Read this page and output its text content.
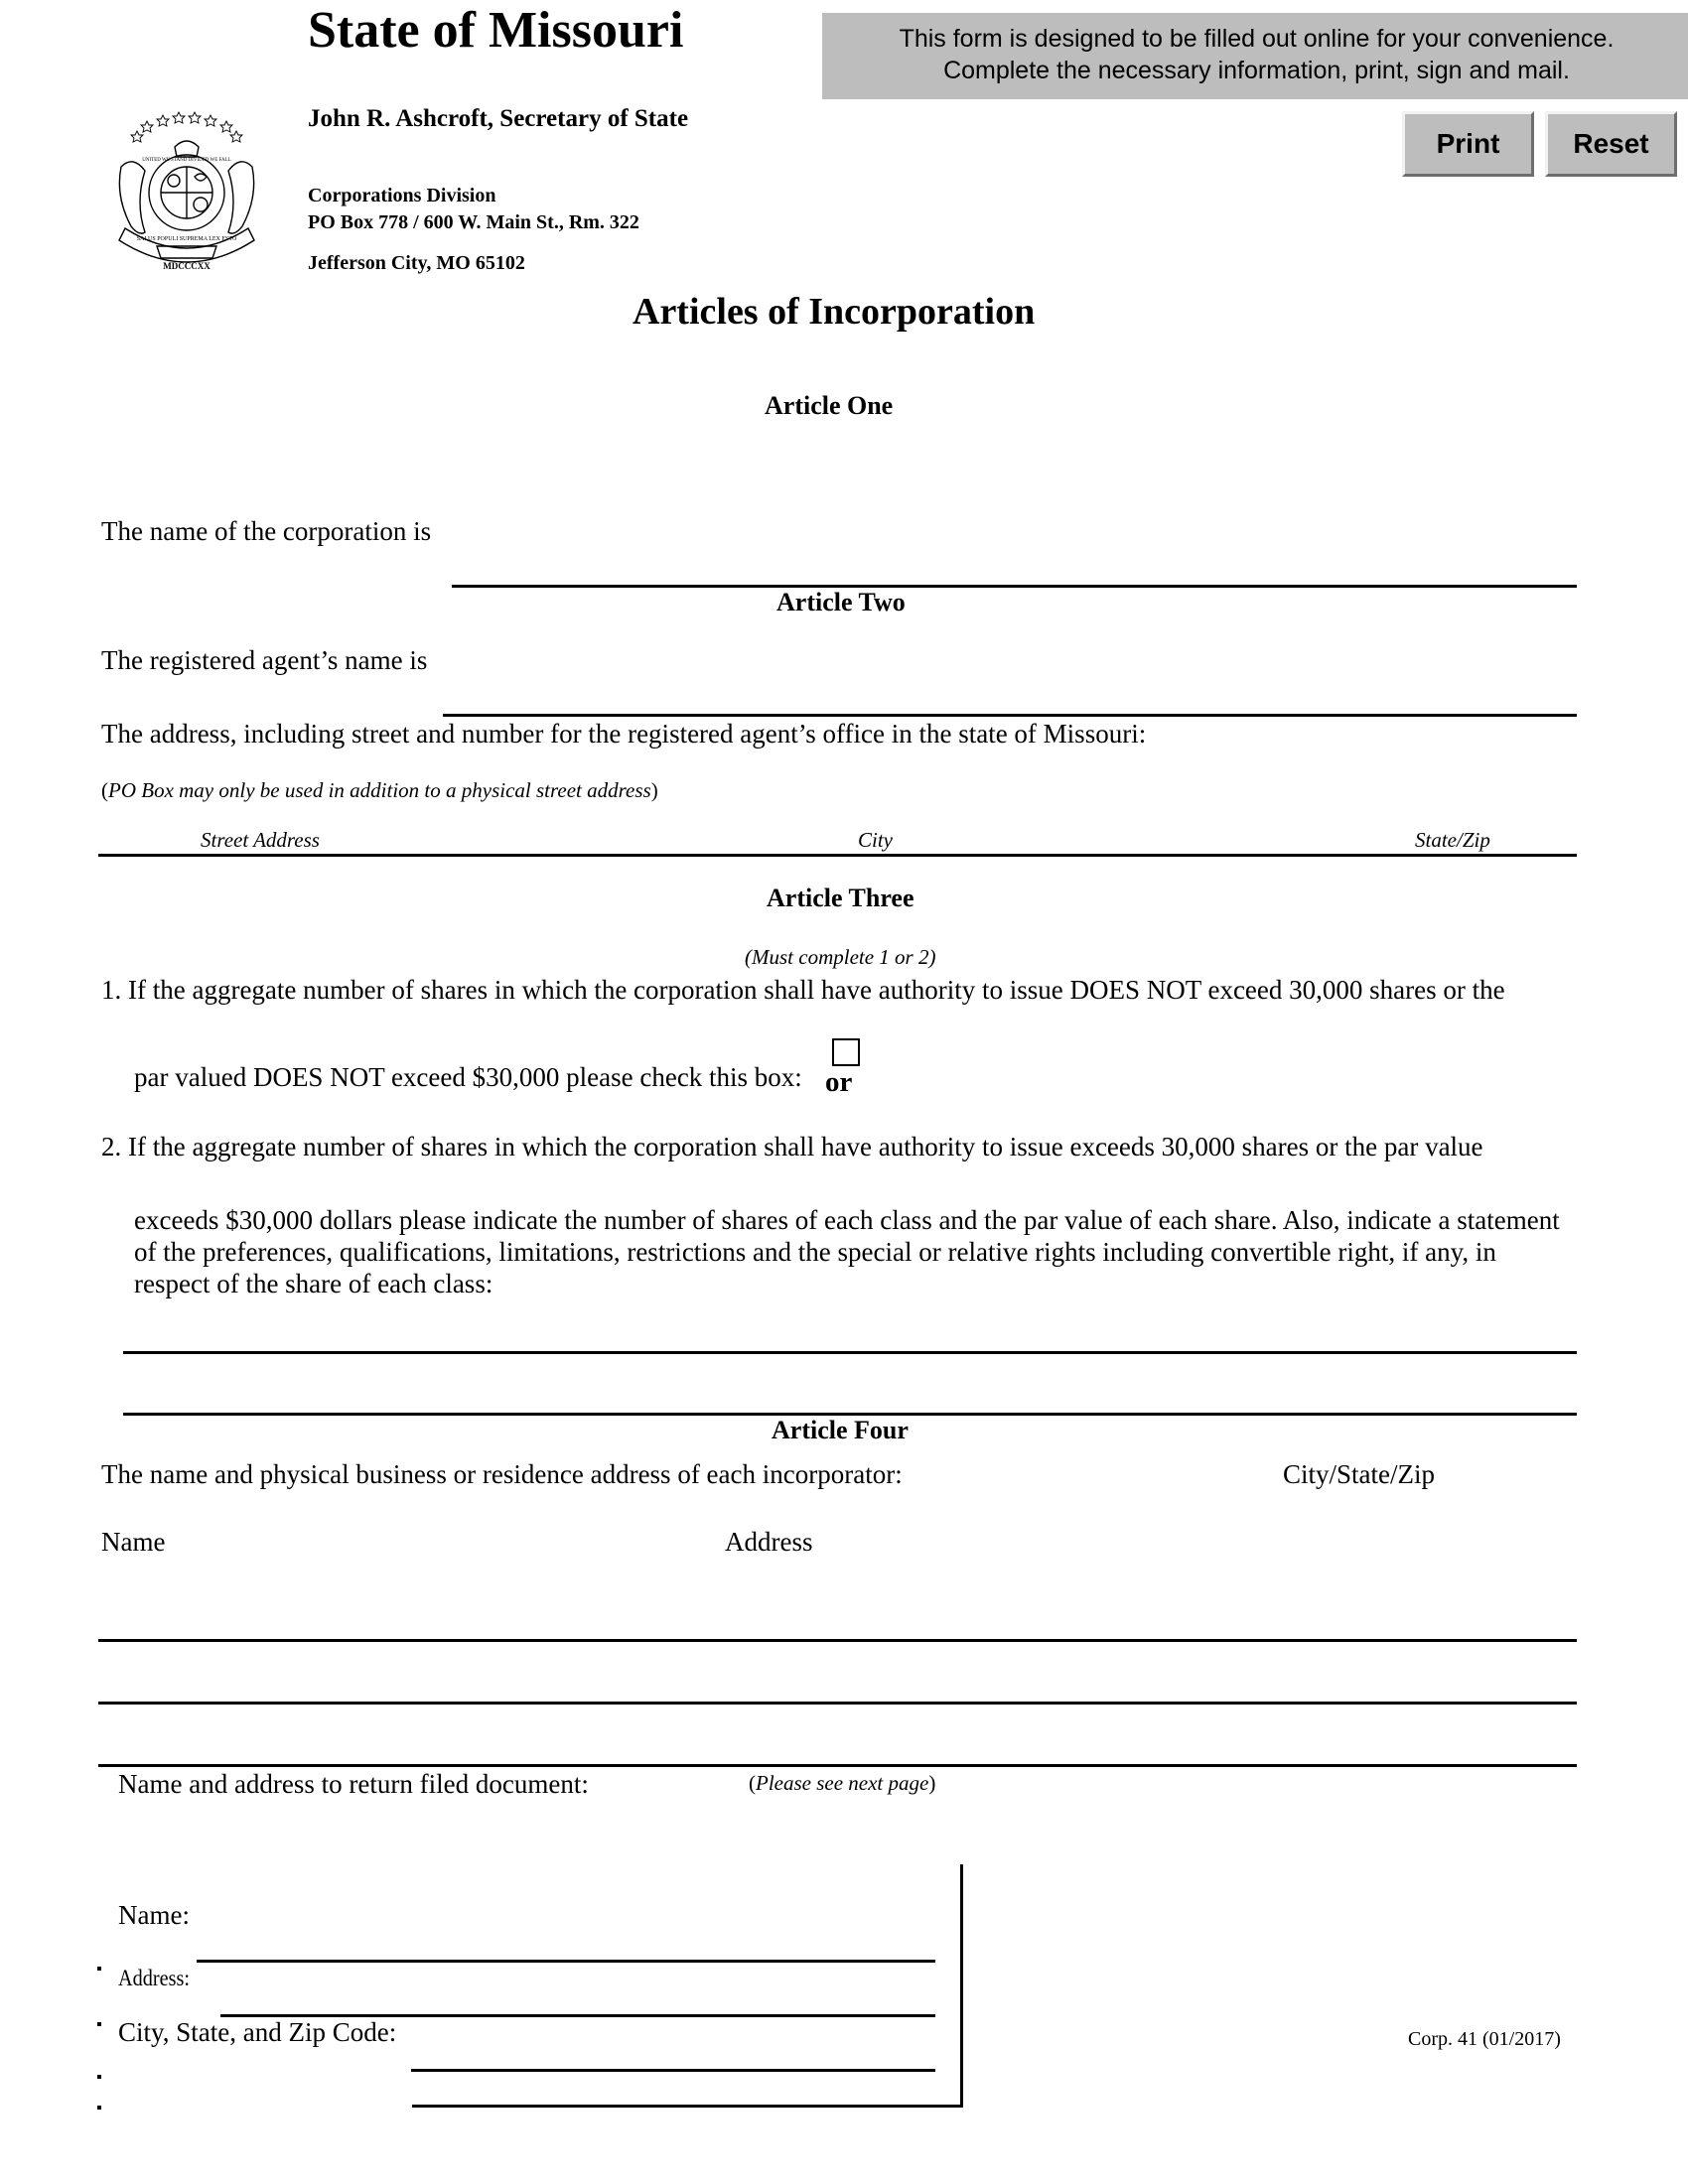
State of Missouri
John R. Ashcroft, Secretary of State
Corporations Division
PO Box 778 / 600 W. Main St., Rm. 322
Jefferson City, MO 65102
MDCCCXX
SALUS POPULI SUPREMA LEX ESTO
UNITED WE STAND DIVIDED WE FALL
This form is designed to be filled out online for your convenience.
Complete the necessary information, print, sign and mail.
Print	Reset
Articles of Incorporation
Article One
The name of the corporation is
Article Two
The registered agent’s name is
The address, including street and number for the registered agent’s office in the state of Missouri:
(PO Box may only be used in addition to a physical street address)
Street Address	City	State/Zip
Article Three
(Must complete 1 or 2)
1. If the aggregate number of shares in which the corporation shall have authority to issue DOES NOT exceed 30,000 shares or the
par valued DOES NOT exceed $30,000 please check this box: or
2. If the aggregate number of shares in which the corporation shall have authority to issue exceeds 30,000 shares or the par value
exceeds $30,000 dollars please indicate the number of shares of each class and the par value of each share. Also, indicate a statement
of the preferences, qualifications, limitations, restrictions and the special or relative rights including convertible right, if any, in
respect of the share of each class:
Article Four
The name and physical business or residence address of each incorporator:	City/State/Zip
Name	Address
Name and address to return filed document:	(Please see next page)
Name:
Address:
City, State, and Zip Code:	Corp. 41 (01/2017)
